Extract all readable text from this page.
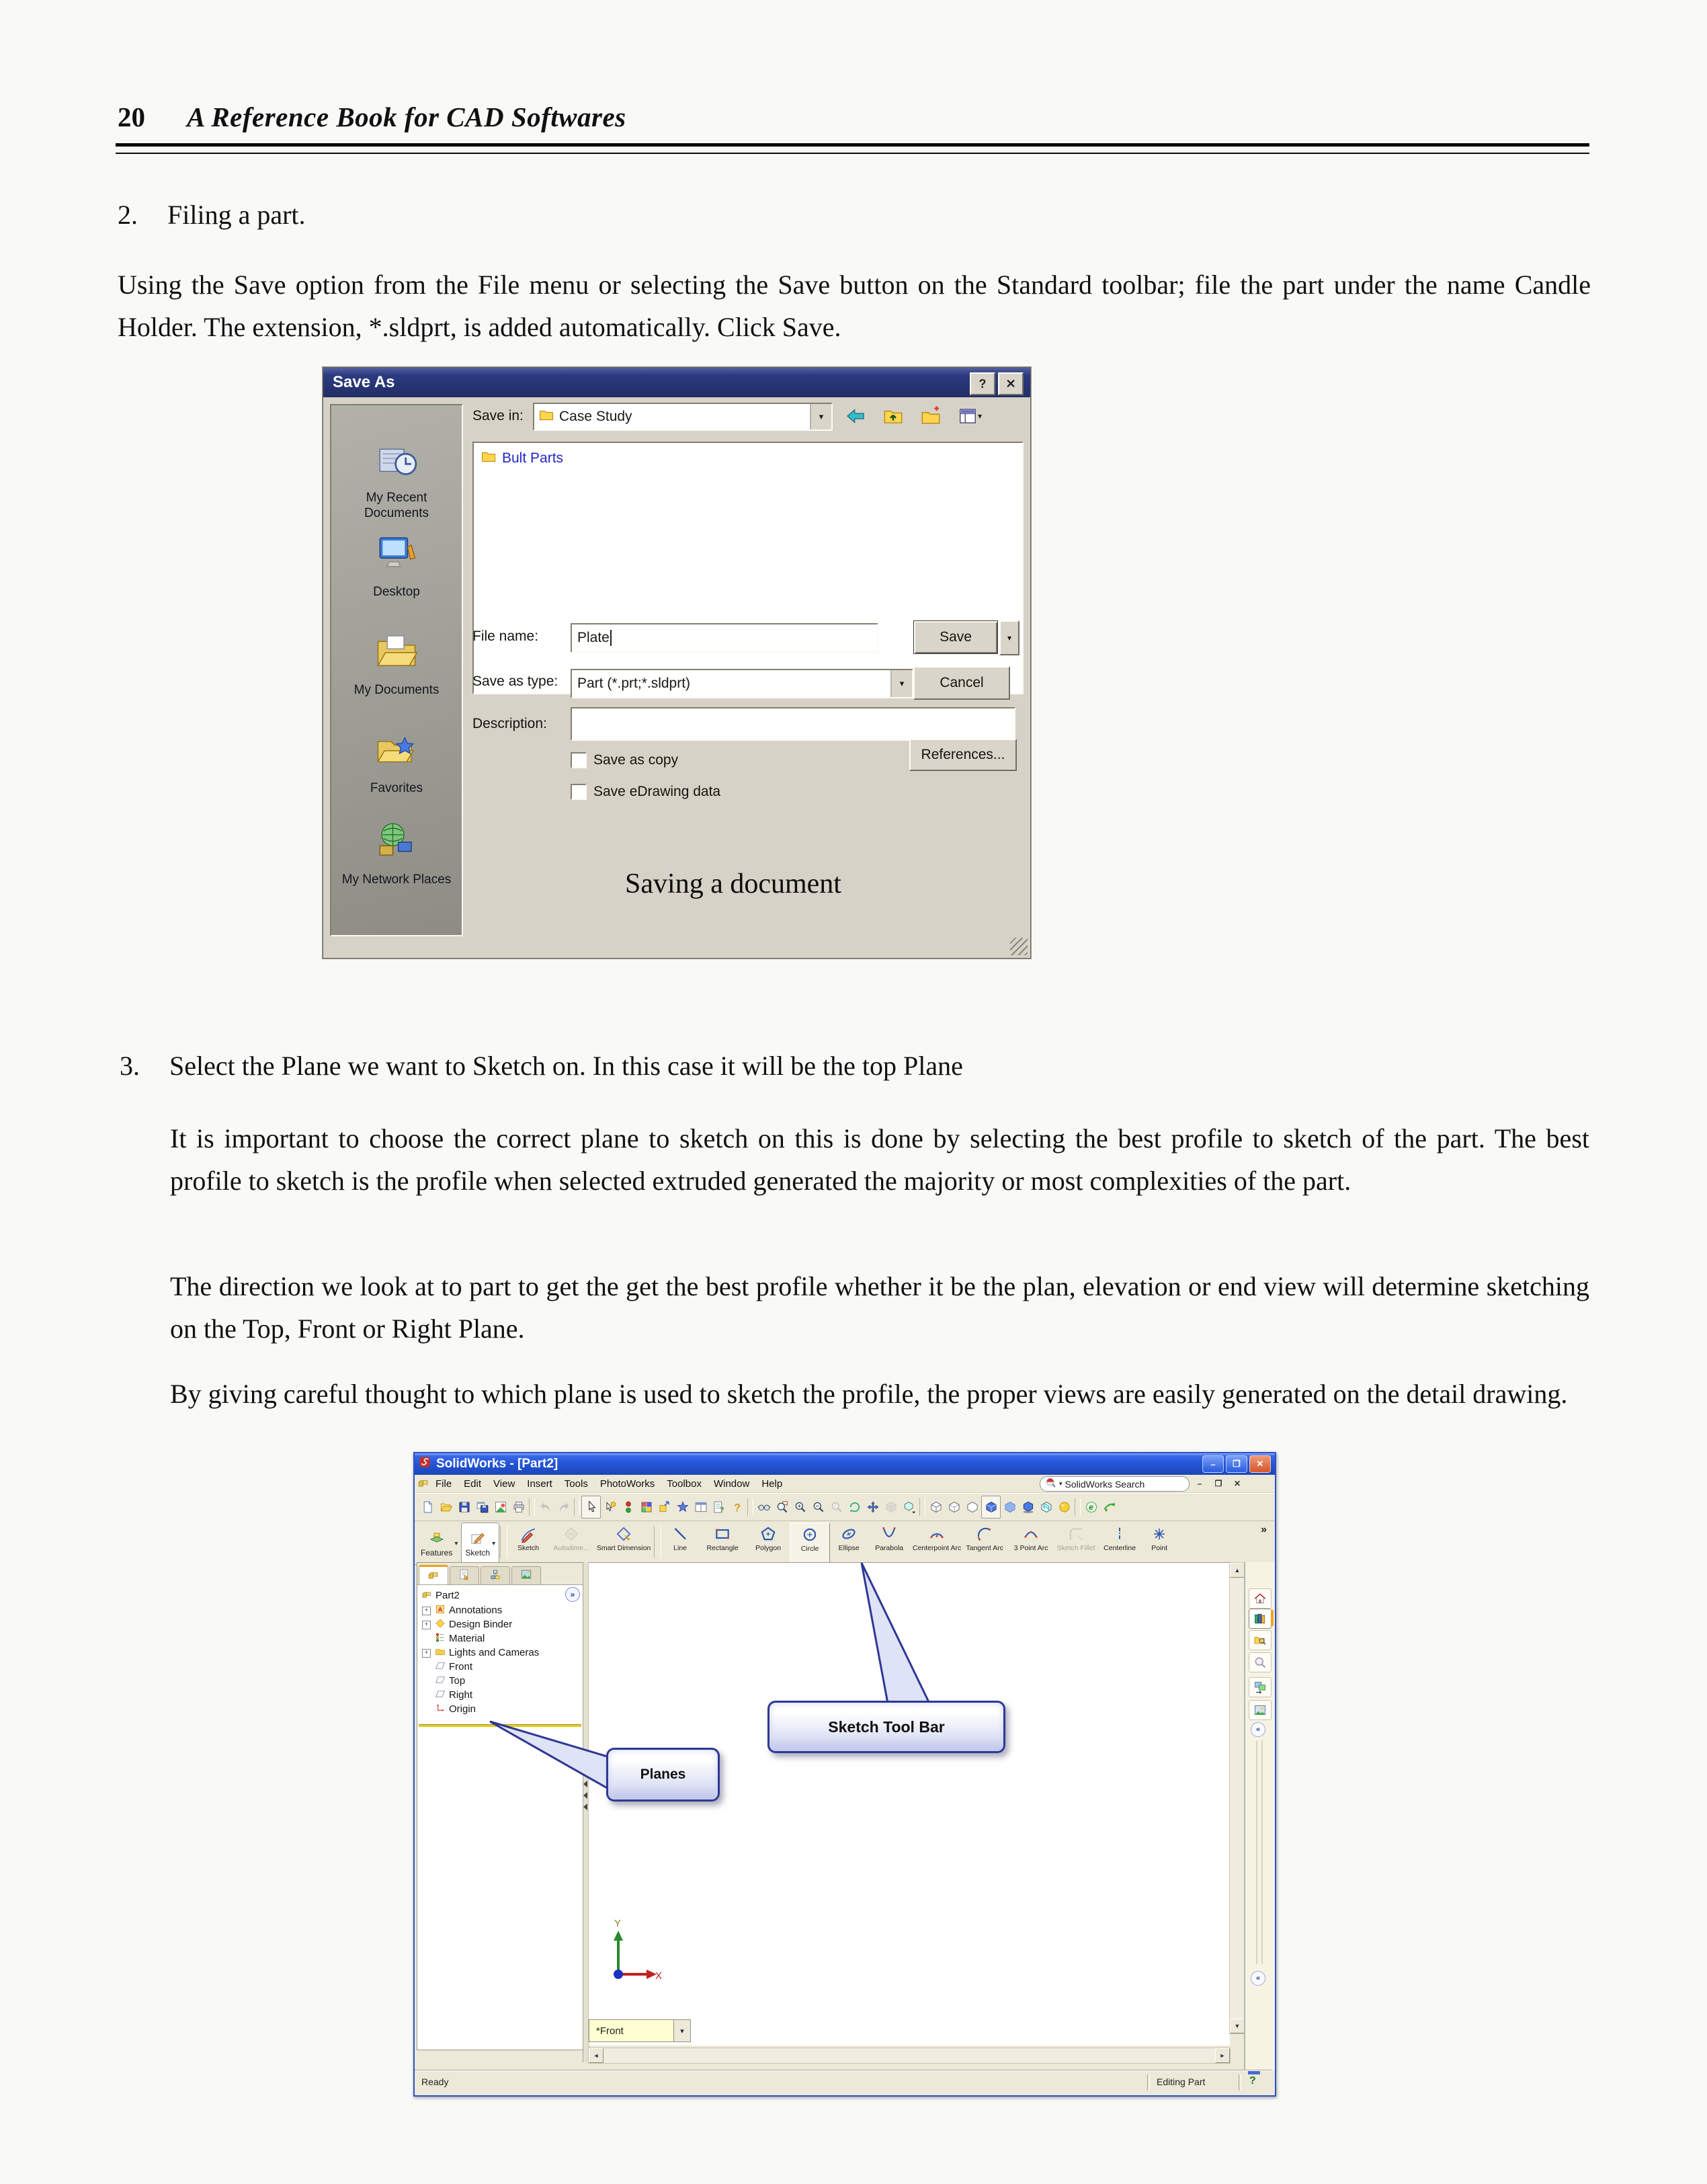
20 A Reference Book for CAD Softwares
2. Filing a part.
Using the Save option from the File menu or selecting the Save button on the Standard toolbar; file the part under the name Candle Holder. The extension, *.sldprt, is added automatically. Click Save.
Save As	?	✕
Save in:	Case Study	▾	▾
Bult Parts
My Recent Documents
Desktop
My Documents
Favorites
My Network Places
File name:	Plate	Save	▾
Save as type: Part (*.prt;*.sldprt)	▾	Cancel
Description:
References...
Save as copy
Save eDrawing data
Saving a document
3. Select the Plane we want to Sketch on. In this case it will be the top Plane
It is important to choose the correct plane to sketch on this is done by selecting the best profile to sketch of the part. The best profile to sketch is the profile when selected extruded generated the majority or most complexities of the part.
The direction we look at to part to get the get the best profile whether it be the plan, elevation or end view will determine sketching on the Top, Front or Right Plane.
By giving careful thought to which plane is used to sketch the profile, the proper views are easily generated on the detail drawing.
SolidWorks - [Part2]	–	❐	✕
File	Edit	View	Insert	Tools	PhotoWorks	Toolbox	Window	Help	▾ SolidWorks Search	–	❐	✕
? ?	e
Features
▾
Sketch
▾
Sketch Autodime... Smart Dimension	Line	Rectangle Polygon	Circle	Ellipse Parabola Centerpoint Arc Tangent Arc 3 Point Arc Sketch Fillet Centerline Point
»
»
Part2
+ A Annotations
+ Design Binder
Material
+ Lights and Cameras
Front
Top
Right
Origin
Y
X
▲
▼
◄	►
*Front	▾
«
«
Ready	Editing Part	?
Sketch Tool Bar
Planes
